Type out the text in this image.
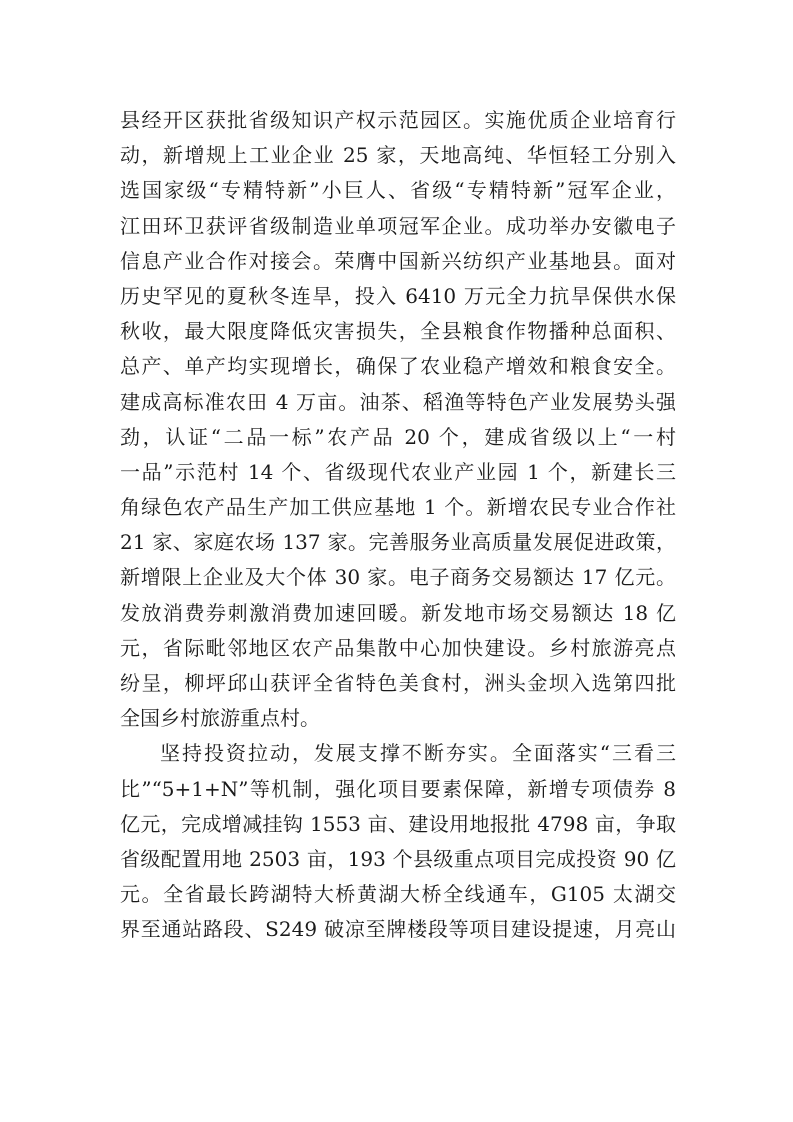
县经开区获批省级知识产权示范园区。实施优质企业培育行
动，新增规上工业企业 25 家，天地高纯、华恒轻工分别入
选国家级“专精特新”小巨人、省级“专精特新”冠军企业，
江田环卫获评省级制造业单项冠军企业。成功举办安徽电子
信息产业合作对接会。荣膺中国新兴纺织产业基地县。面对
历史罕见的夏秋冬连旱，投入 6410 万元全力抗旱保供水保
秋收，最大限度降低灾害损失，全县粮食作物播种总面积、
总产、单产均实现增长，确保了农业稳产增效和粮食安全。
建成高标准农田 4 万亩。油茶、稻渔等特色产业发展势头强
劲，认证“二品一标”农产品 20 个，建成省级以上“一村
一品”示范村 14 个、省级现代农业产业园 1 个，新建长三
角绿色农产品生产加工供应基地 1 个。新增农民专业合作社
21 家、家庭农场 137 家。完善服务业高质量发展促进政策，
新增限上企业及大个体 30 家。电子商务交易额达 17 亿元。
发放消费券刺激消费加速回暖。新发地市场交易额达 18 亿
元，省际毗邻地区农产品集散中心加快建设。乡村旅游亮点
纷呈，柳坪邱山获评全省特色美食村，洲头金坝入选第四批
全国乡村旅游重点村。
坚持投资拉动，发展支撑不断夯实。全面落实“三看三
比”“5+1+N”等机制，强化项目要素保障，新增专项债券 8
亿元，完成增减挂钩 1553 亩、建设用地报批 4798 亩，争取
省级配置用地 2503 亩，193 个县级重点项目完成投资 90 亿
元。全省最长跨湖特大桥黄湖大桥全线通车，G105 太湖交
界至通站路段、S249 破凉至牌楼段等项目建设提速，月亮山
